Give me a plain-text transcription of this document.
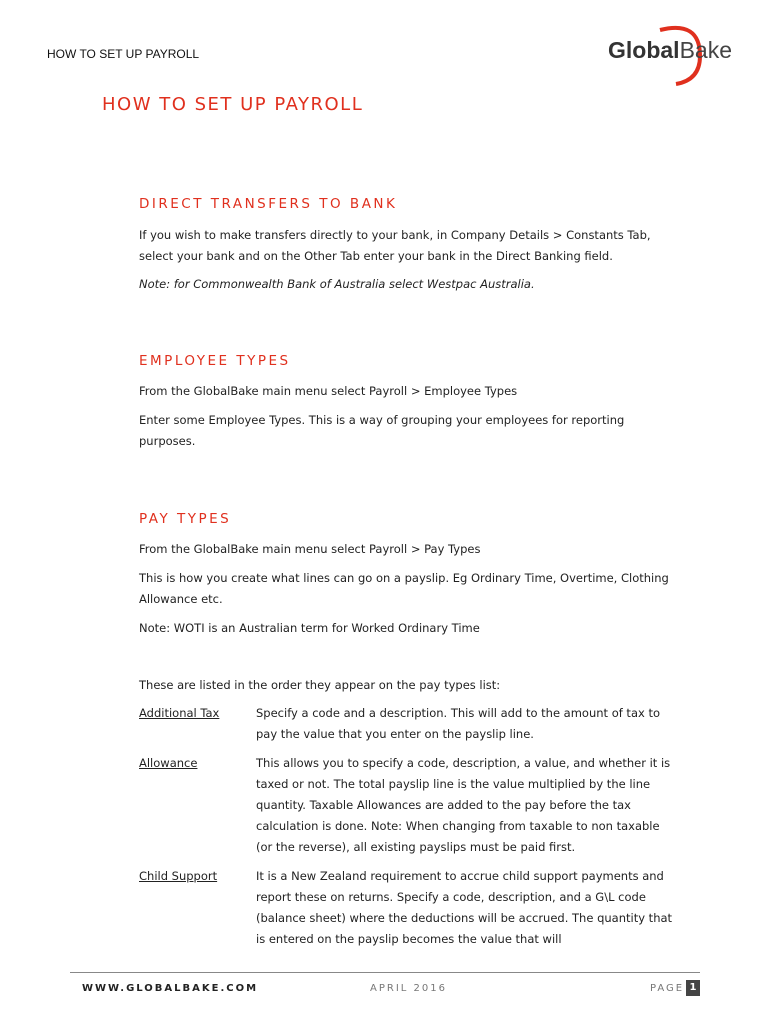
HOW TO SET UP PAYROLL	GlobalBake
HOW TO SET UP PAYROLL
DIRECT TRANSFERS TO BANK

If you wish to make transfers directly to your bank, in Company Details > Constants Tab, select your bank and on the Other Tab enter your bank in the Direct Banking field.

Note: for Commonwealth Bank of Australia select Westpac Australia.

EMPLOYEE TYPES

From the GlobalBake main menu select Payroll > Employee Types

Enter some Employee Types. This is a way of grouping your employees for reporting purposes.

PAY TYPES

From the GlobalBake main menu select Payroll > Pay Types

This is how you create what lines can go on a payslip. Eg Ordinary Time, Overtime, Clothing Allowance etc.

Note: WOTI is an Australian term for Worked Ordinary Time

These are listed in the order they appear on the pay types list:

Additional Tax	Specify a code and a description. This will add to the amount of tax to pay the value that you enter on the payslip line.

Allowance	This allows you to specify a code, description, a value, and whether it is taxed or not. The total payslip line is the value multiplied by the line quantity. Taxable Allowances are added to the pay before the tax calculation is done. Note: When changing from taxable to non taxable (or the reverse), all existing payslips must be paid first.

Child Support	It is a New Zealand requirement to accrue child support payments and report these on returns. Specify a code, description, and a G\L code (balance sheet) where the deductions will be accrued. The quantity that is entered on the payslip becomes the value that will

WWW.GLOBALBAKE.COM	APRIL 2016	PAGE 1
